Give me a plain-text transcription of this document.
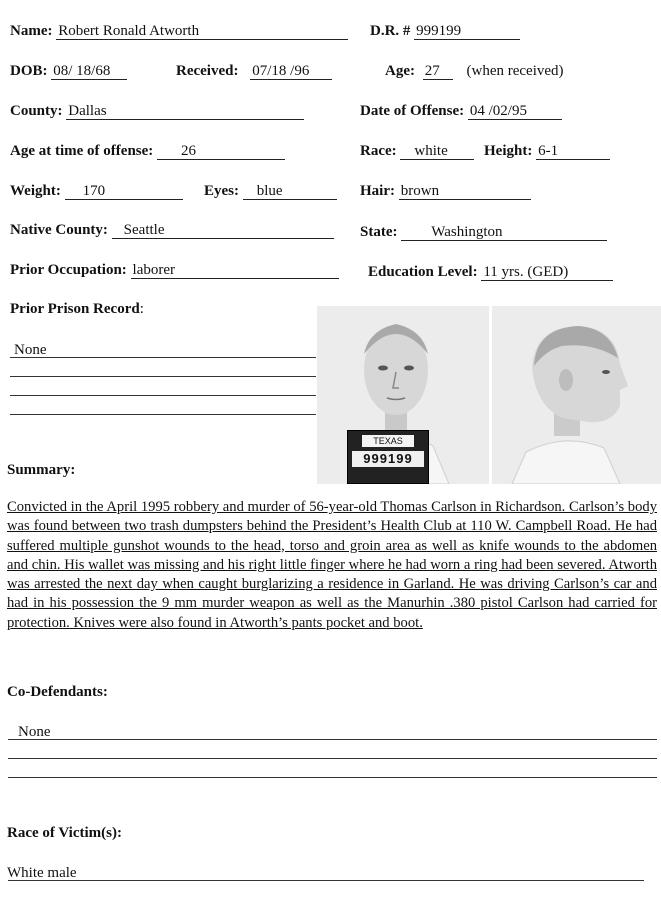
Name: Robert Ronald Atworth	D.R. # 999199
DOB: 08/ 18/68	Received: 07/18 /96	Age: 27 (when received)
County: Dallas	Date of Offense: 04 /02/95
Age at time of offense: 26	Race: white	Height: 6-1
Weight: 170	Eyes: blue	Hair: brown
Native County: Seattle	State: Washington
Prior Occupation: laborer	Education Level: 11 yrs. (GED)
Prior Prison Record:
None
TEXAS
999199
Summary:
Convicted in the April 1995 robbery and murder of 56-year-old Thomas Carlson in Richardson. Carlson’s body was found between two trash dumpsters behind the President’s Health Club at 110 W. Campbell Road. He had suffered multiple gunshot wounds to the head, torso and groin area as well as knife wounds to the abdomen and chin. His wallet was missing and his right little finger where he had worn a ring had been severed. Atworth was arrested the next day when caught burglarizing a residence in Garland. He was driving Carlson’s car and had in his possession the 9 mm murder weapon as well as the Manurhin .380 pistol Carlson had carried for protection. Knives were also found in Atworth’s pants pocket and boot.
Co-Defendants:
None
Race of Victim(s):
White male
